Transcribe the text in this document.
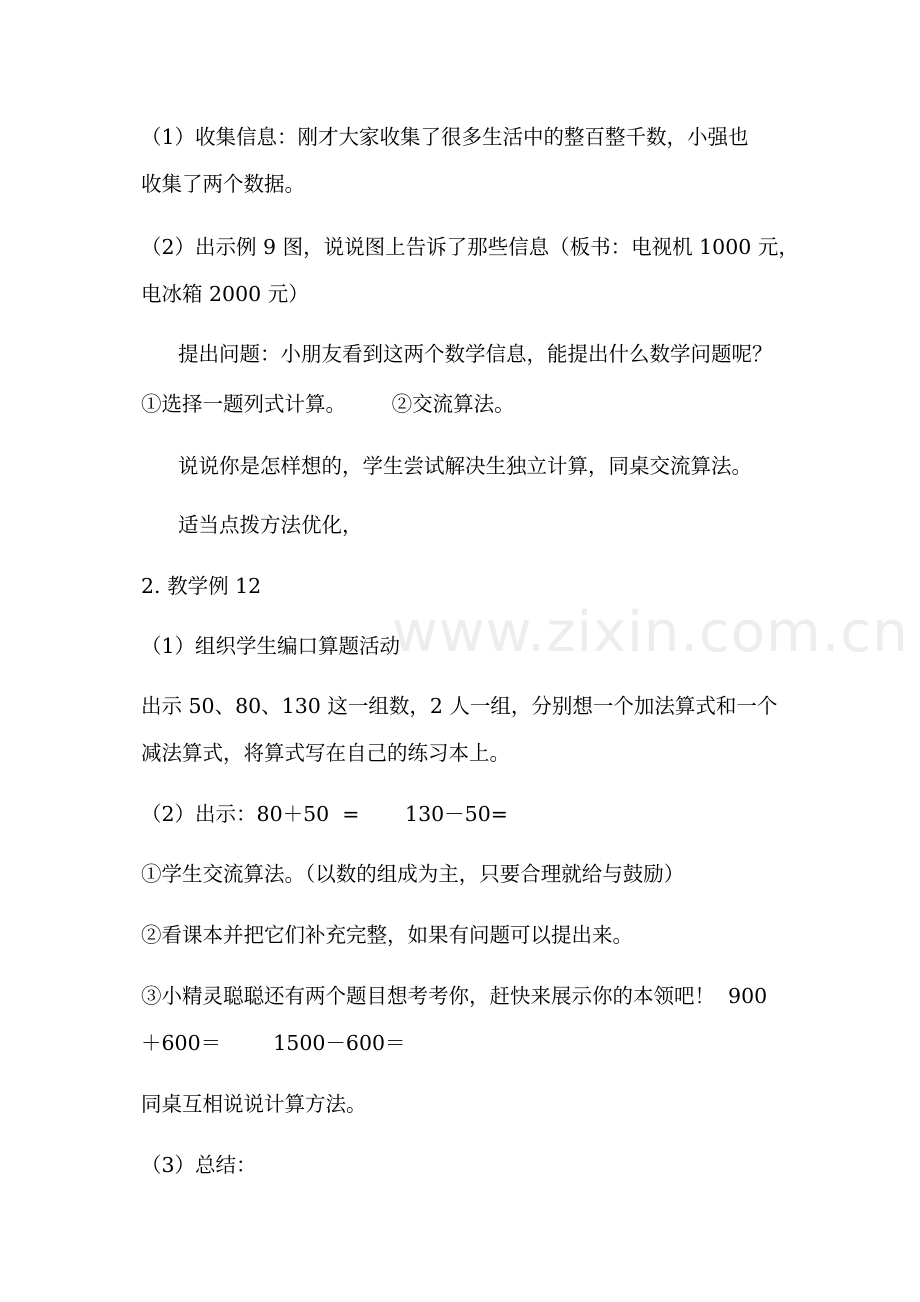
（1）收集信息：刚才大家收集了很多生活中的整百整千数，小强也
收集了两个数据。
（2）出示例 9 图，说说图上告诉了那些信息（板书：电视机 1000 元，
电冰箱 2000 元）
提出问题：小朋友看到这两个数学信息，能提出什么数学问题呢？
①选择一题列式计算。       ②交流算法。
说说你是怎样想的，学生尝试解决生独立计算，同桌交流算法。
适当点拨方法优化，
2. 教学例 12
（1）组织学生编口算题活动
出示 50、80、130 这一组数，2 人一组，分别想一个加法算式和一个
减法算式，将算式写在自己的练习本上。
（2）出示：80＋50  =       130－50=
①学生交流算法。（以数的组成为主，只要合理就给与鼓励）
②看课本并把它们补充完整，如果有问题可以提出来。
③小精灵聪聪还有两个题目想考考你，赶快来展示你的本领吧！  900
＋600＝        1500－600＝
同桌互相说说计算方法。
（3）总结：
www.zixin.com.cn
